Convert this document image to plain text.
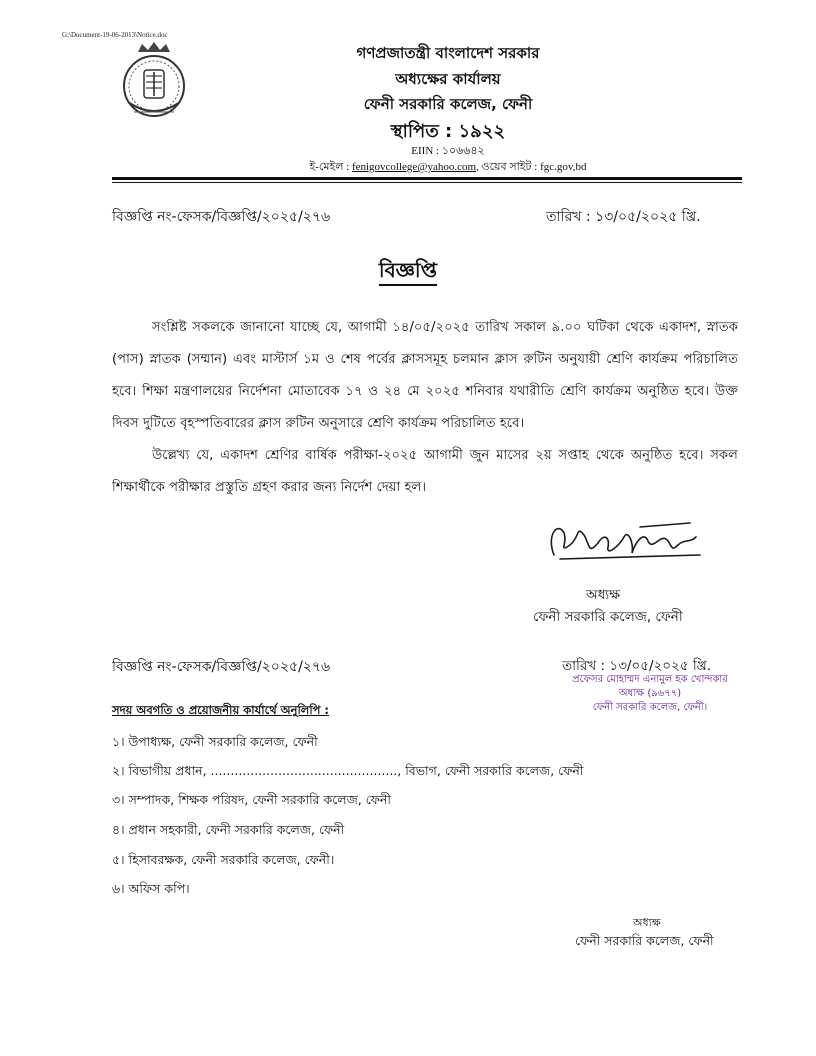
G:\Document-19-06-2013\Notice.doc
গণপ্রজাতন্ত্রী বাংলাদেশ সরকার
অধ্যক্ষের কার্যালয়
ফেনী সরকারি কলেজ, ফেনী
স্থাপিত : ১৯২২
EIIN : ১০৬৬৪২
ই-মেইল : fenigovcollege@yahoo.com, ওয়েব সাইট : fgc.gov,bd
বিজ্ঞপ্তি নং-ফেসক/বিজ্ঞপ্তি/২০২৫/২৭৬	তারিখ : ১৩/০৫/২০২৫ খ্রি.
বিজ্ঞপ্তি
সংশ্লিষ্ট সকলকে জানানো যাচ্ছে যে, আগামী ১৪/০৫/২০২৫ তারিখ সকাল ৯.০০ ঘটিকা থেকে একাদশ, স্নাতক (পাস) স্নাতক (সম্মান) এবং মাস্টার্স ১ম ও শেষ পর্বের ক্লাসসমূহ চলমান ক্লাস রুটিন অনুযায়ী শ্রেণি কার্যক্রম পরিচালিত হবে। শিক্ষা মন্ত্রণালয়ের নির্দেশনা মোতাবেক ১৭ ও ২৪ মে ২০২৫ শনিবার যথারীতি শ্রেণি কার্যক্রম অনুষ্ঠিত হবে। উক্ত দিবস দুটিতে বৃহস্পতিবারের ক্লাস রুটিন অনুসারে শ্রেণি কার্যক্রম পরিচালিত হবে।
উল্লেখ্য যে, একাদশ শ্রেণির বার্ষিক পরীক্ষা-২০২৫ আগামী জুন মাসের ২য় সপ্তাহ থেকে অনুষ্ঠিত হবে। সকল শিক্ষার্থীকে পরীক্ষার প্রস্তুতি গ্রহণ করার জন্য নির্দেশ দেয়া হল।
অধ্যক্ষ
ফেনী সরকারি কলেজ, ফেনী
বিজ্ঞপ্তি নং-ফেসক/বিজ্ঞপ্তি/২০২৫/২৭৬	তারিখ : ১৩/০৫/২০২৫ খ্রি.
প্রফেসর মোহাম্মদ এনামুল হক খোন্দকার
অধ্যক্ষ (৯৬৭৭)
ফেনী সরকারি কলেজ, ফেনী।
সদয় অবগতি ও প্রয়োজনীয় কার্যার্থে অনুলিপি :
১। উপাধ্যক্ষ, ফেনী সরকারি কলেজ, ফেনী
২। বিভাগীয় প্রধান, ..............................................., বিভাগ, ফেনী সরকারি কলেজ, ফেনী
৩। সম্পাদক, শিক্ষক পরিষদ, ফেনী সরকারি কলেজ, ফেনী
৪। প্রধান সহকারী, ফেনী সরকারি কলেজ, ফেনী
৫। হিসাবরক্ষক, ফেনী সরকারি কলেজ, ফেনী।
৬। অফিস কপি।
অধ্যক্ষ
ফেনী সরকারি কলেজ, ফেনী
